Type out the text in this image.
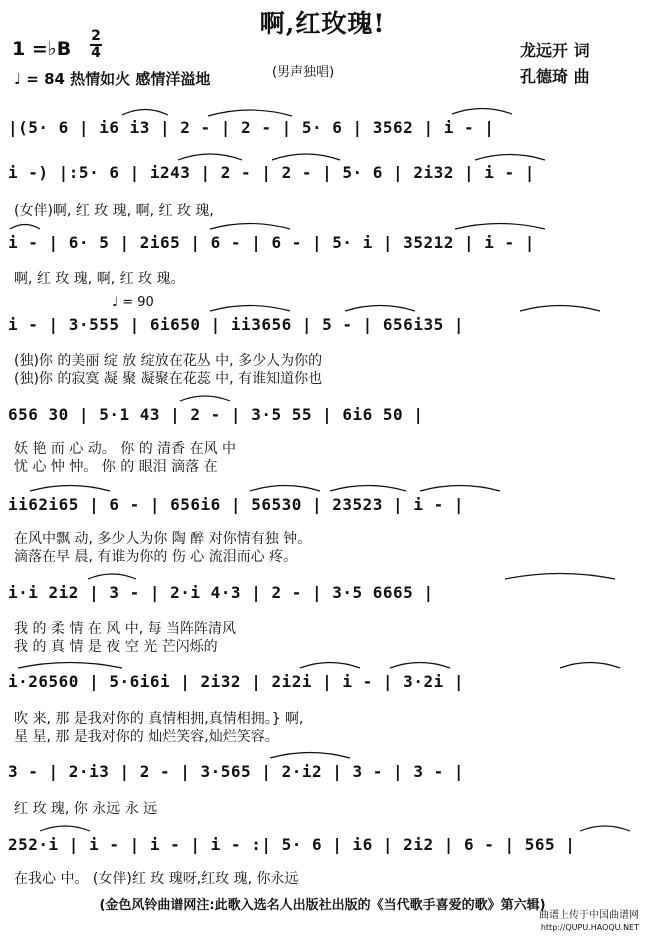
啊,红玫瑰!
1 =♭B
2
4
♩ = 84 热情如火 感情洋溢地	(男声独唱)
龙远开 词
孔德琦 曲
|(5· 6 | i6 i3 | 2 - | 2 - | 5· 6 | 3562 | i - |
i -) |:5· 6 | i243 | 2 - | 2 - | 5· 6 | 2i32 | i - |
i - | 6· 5 | 2i65 | 6 - | 6 - | 5· i | 35212 | i - |
♩ = 90
i - | 3·555 | 6i650 | ii3656 | 5 - | 656i35 |
656 30 | 5·1 43 | 2 - | 3·5 55 | 6i6 50 |
ii62i65 | 6 - | 656i6 | 56530 | 23523 | i - |
i·i 2i2 | 3 - | 2·i 4·3 | 2 - | 3·5 6665 |
i·26560 | 5·6i6i | 2i32 | 2i2i | i - | 3·2i |
3 - | 2·i3 | 2 - | 3·565 | 2·i2 | 3 - | 3 - |
252·i | i - | i - | i - :| 5· 6 | i6 | 2i2 | 6 - | 565 |
(女伴)啊, 红 玫 瑰, 啊, 红 玫 瑰,
啊, 红 玫 瑰, 啊, 红 玫 瑰。
(独)你 的美丽 绽 放 绽放在花丛 中, 多少人为你的
(独)你 的寂寞 凝 聚 凝聚在花蕊 中, 有谁知道你也
妖 艳 而 心 动。 你 的 清香 在风 中
忧 心 忡 忡。 你 的 眼泪 滴落 在
在风中飘 动, 多少人为你 陶 醉 对你情有独 钟。
滴落在早 晨, 有谁为你的 伤 心 流泪而心 疼。
我 的 柔 情 在 风 中, 每 当阵阵清风
我 的 真 情 是 夜 空 光 芒闪烁的
吹 来, 那 是我对你的 真情相拥,真情相拥。} 啊,
星 星, 那 是我对你的 灿烂笑容,灿烂笑容。
红 玫 瑰, 你 永远 永 远
在我心 中。 (女伴)红 玫 瑰呀,红玫 瑰, 你永远
(金色风铃曲谱网注:此歌入选名人出版社出版的《当代歌手喜爱的歌》第六辑)
曲谱上传于中国曲谱网
http://QUPU.HAOQU.NET
